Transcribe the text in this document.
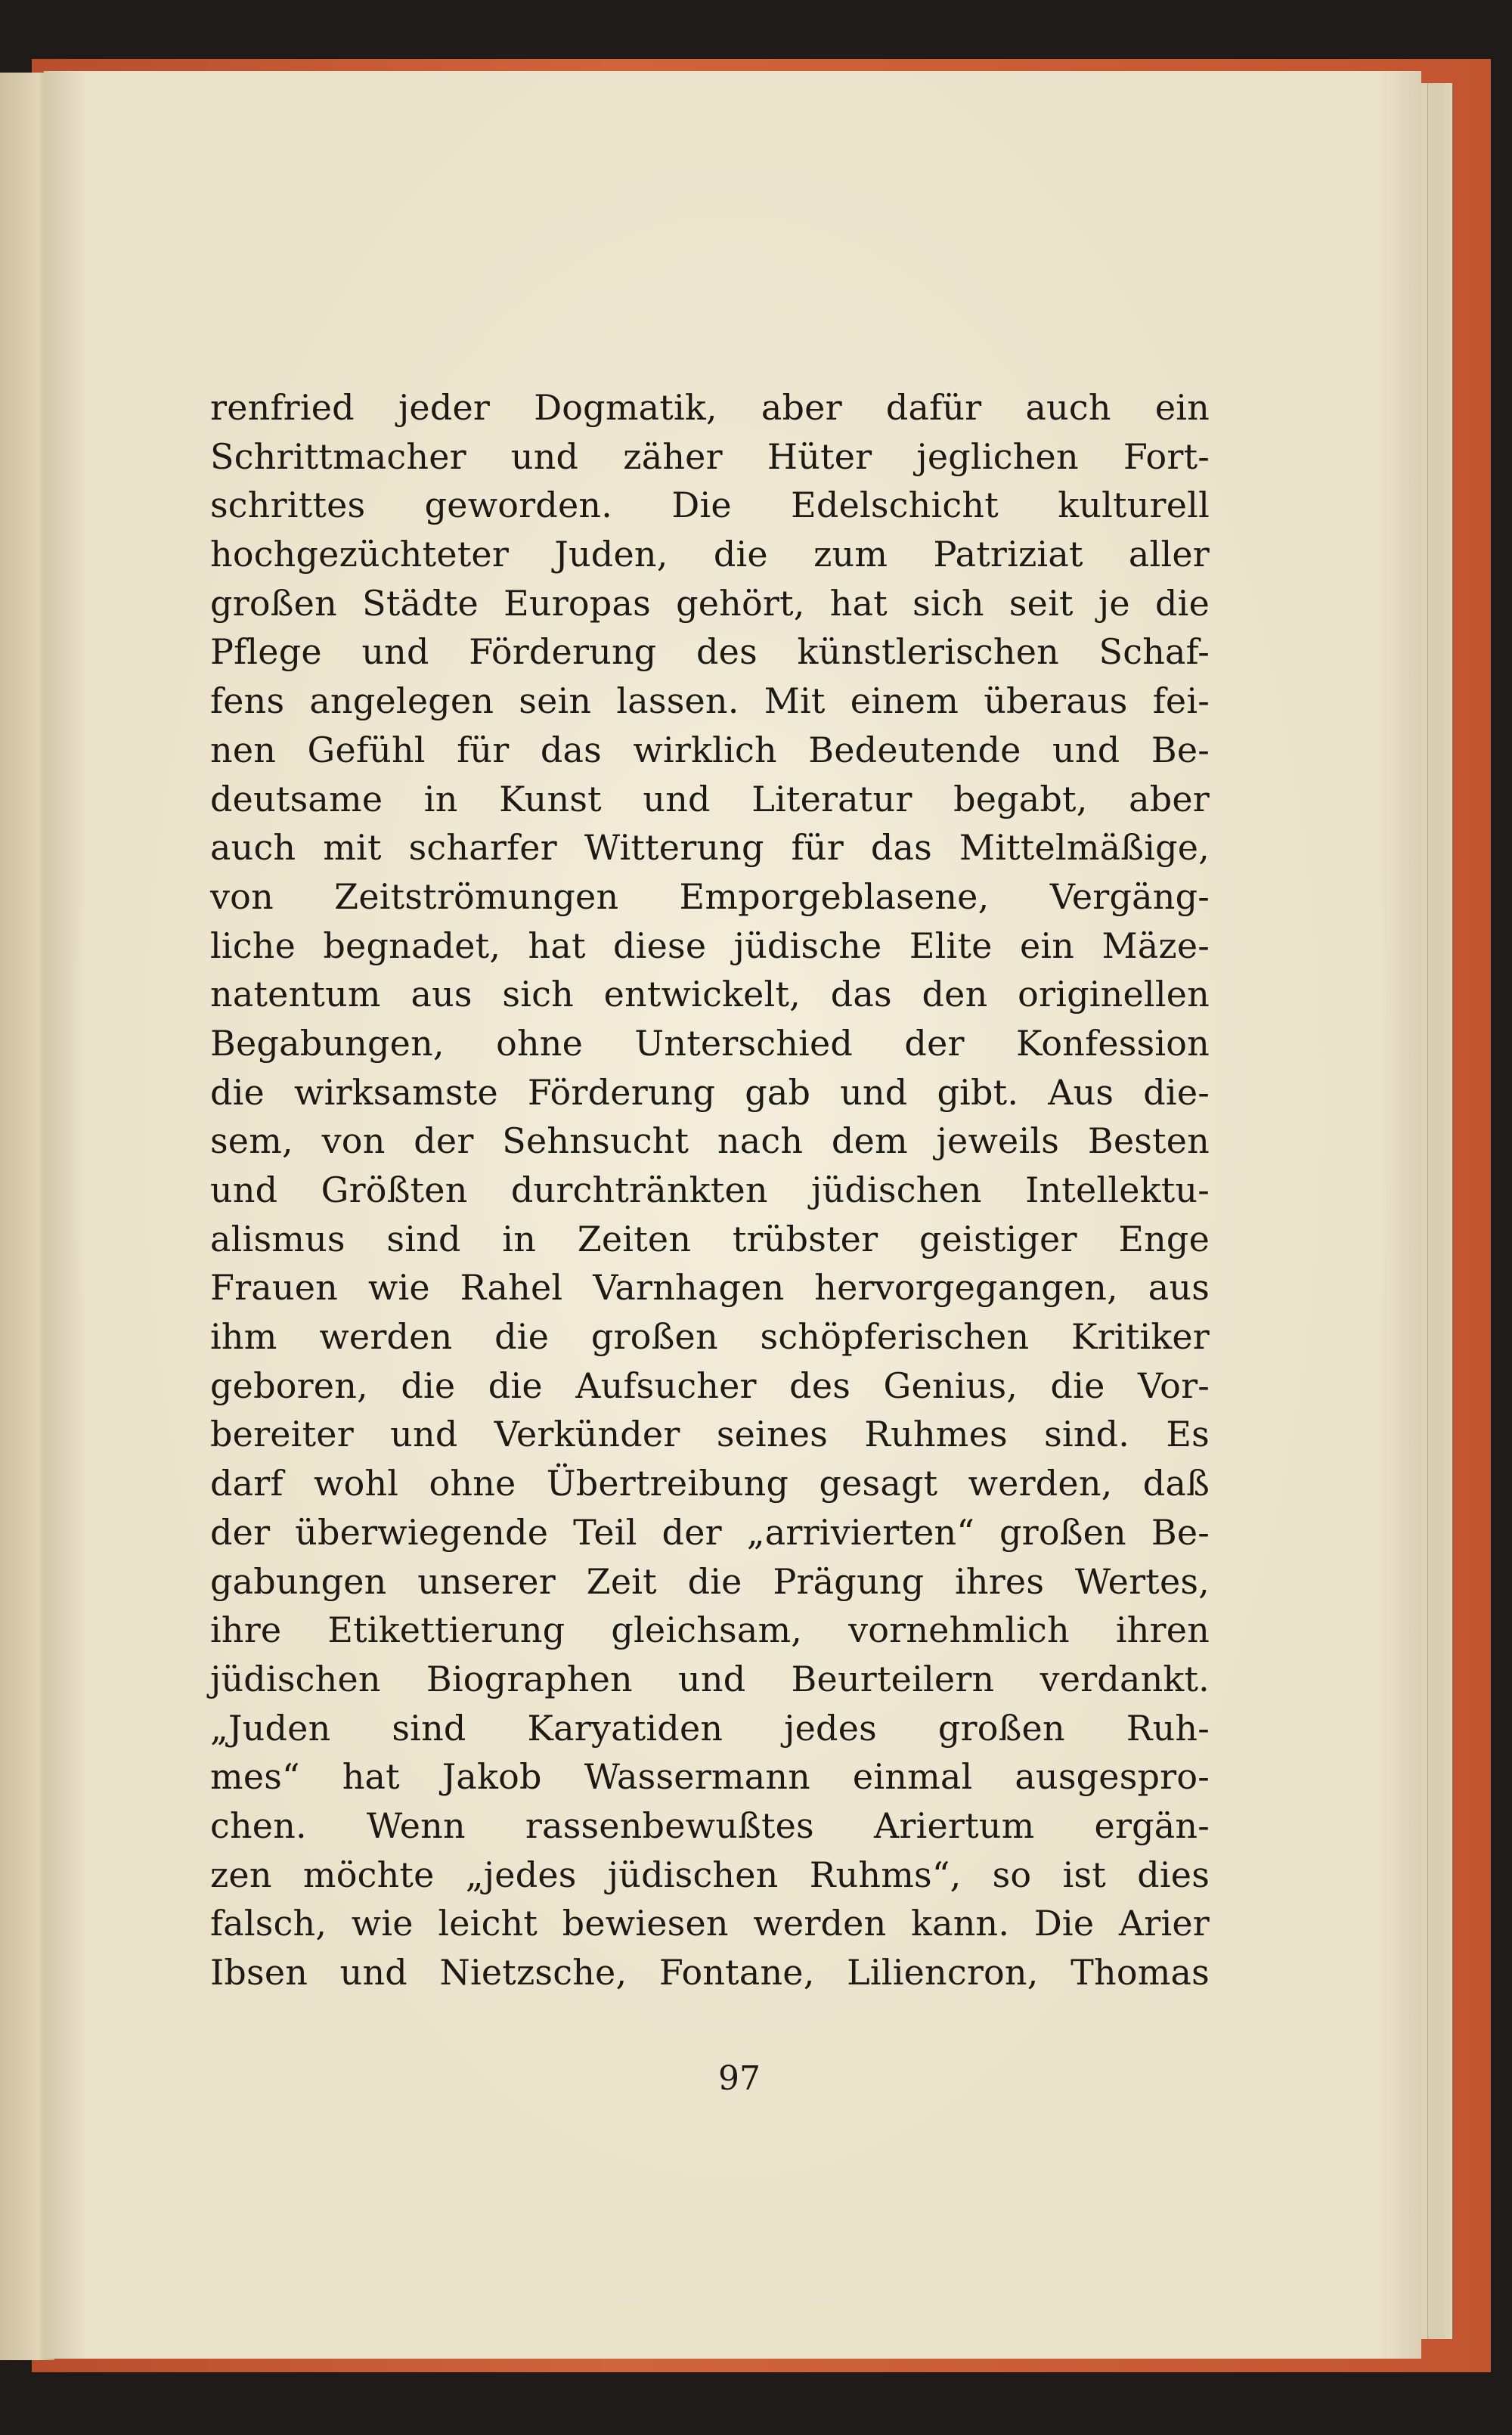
renfried jeder Dogmatik, aber dafür auch ein
Schrittmacher und zäher Hüter jeglichen Fort-
schrittes geworden. Die Edelschicht kulturell
hochgezüchteter Juden, die zum Patriziat aller
großen Städte Europas gehört, hat sich seit je die
Pflege und Förderung des künstlerischen Schaf-
fens angelegen sein lassen. Mit einem überaus fei-
nen Gefühl für das wirklich Bedeutende und Be-
deutsame in Kunst und Literatur begabt, aber
auch mit scharfer Witterung für das Mittelmäßige,
von Zeitströmungen Emporgeblasene, Vergäng-
liche begnadet, hat diese jüdische Elite ein Mäze-
natentum aus sich entwickelt, das den originellen
Begabungen, ohne Unterschied der Konfession
die wirksamste Förderung gab und gibt. Aus die-
sem, von der Sehnsucht nach dem jeweils Besten
und Größten durchtränkten jüdischen Intellektu-
alismus sind in Zeiten trübster geistiger Enge
Frauen wie Rahel Varnhagen hervorgegangen, aus
ihm werden die großen schöpferischen Kritiker
geboren, die die Aufsucher des Genius, die Vor-
bereiter und Verkünder seines Ruhmes sind. Es
darf wohl ohne Übertreibung gesagt werden, daß
der überwiegende Teil der „arrivierten“ großen Be-
gabungen unserer Zeit die Prägung ihres Wertes,
ihre Etikettierung gleichsam, vornehmlich ihren
jüdischen Biographen und Beurteilern verdankt.
„Juden sind Karyatiden jedes großen Ruh-
mes“ hat Jakob Wassermann einmal ausgespro-
chen. Wenn rassenbewußtes Ariertum ergän-
zen möchte „jedes jüdischen Ruhms“, so ist dies
falsch, wie leicht bewiesen werden kann. Die Arier
Ibsen und Nietzsche, Fontane, Liliencron, Thomas
97
